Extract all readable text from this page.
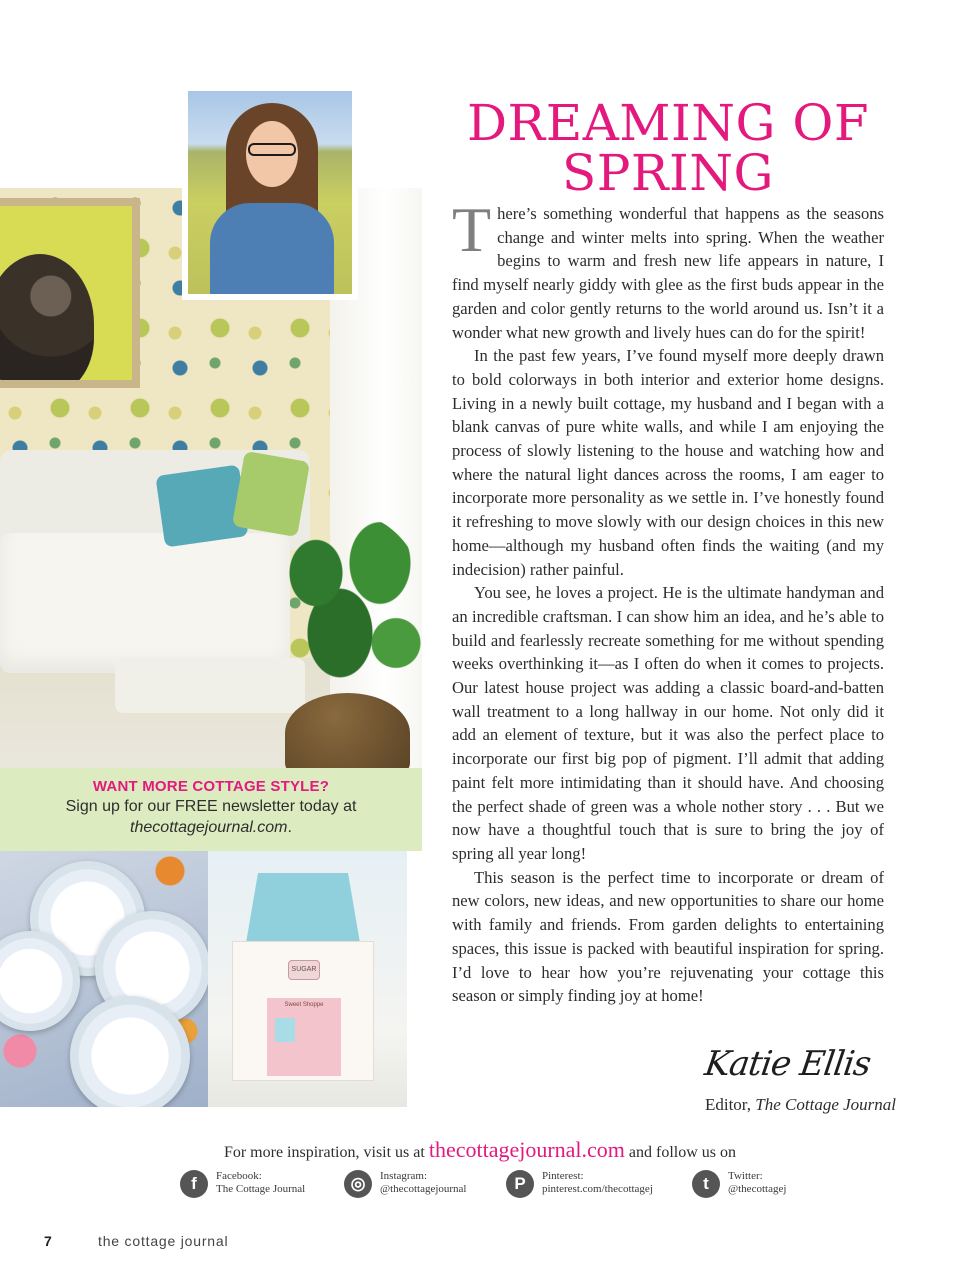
WANT MORE COTTAGE STYLE?
Sign up for our FREE newsletter today at
thecottagejournal.com.
SUGAR
Sweet Shoppe
DREAMING OF
SPRING

There’s something wonderful that happens as the seasons change and winter melts into spring. When the weather begins to warm and fresh new life appears in nature, I find myself nearly giddy with glee as the first buds appear in the garden and color gently returns to the world around us. Isn’t it a wonder what new growth and lively hues can do for the spirit!

In the past few years, I’ve found myself more deeply drawn to bold colorways in both interior and exterior home designs. Living in a newly built cottage, my husband and I began with a blank canvas of pure white walls, and while I am enjoying the process of slowly listening to the house and watching how and where the natural light dances across the rooms, I am eager to incorporate more personality as we settle in. I’ve honestly found it refreshing to move slowly with our design choices in this new home—although my husband often finds the waiting (and my indecision) rather painful.

You see, he loves a project. He is the ultimate handyman and an incredible craftsman. I can show him an idea, and he’s able to build and fearlessly recreate something for me without spending weeks overthinking it—as I often do when it comes to projects. Our latest house project was adding a classic board-and-batten wall treatment to a long hallway in our home. Not only did it add an element of texture, but it was also the perfect place to incorporate our first big pop of pigment. I’ll admit that adding paint felt more intimidating than it should have. And choosing the perfect shade of green was a whole nother story . . . But we now have a thoughtful touch that is sure to bring the joy of spring all year long!

This season is the perfect time to incorporate or dream of new colors, new ideas, and new opportunities to share our home with family and friends. From garden delights to entertaining spaces, this issue is packed with beautiful inspiration for spring. I’d love to hear how you’re rejuvenating your cottage this season or simply finding joy at home!

Katie Ellis
Editor, The Cottage Journal
For more inspiration, visit us at thecottagejournal.com and follow us on
f	Facebook:
The Cottage Journal	◎	Instagram:
@thecottagejournal	P	Pinterest:
pinterest.com/thecottagej	t	Twitter:
@thecottagej
7	the cottage journal
